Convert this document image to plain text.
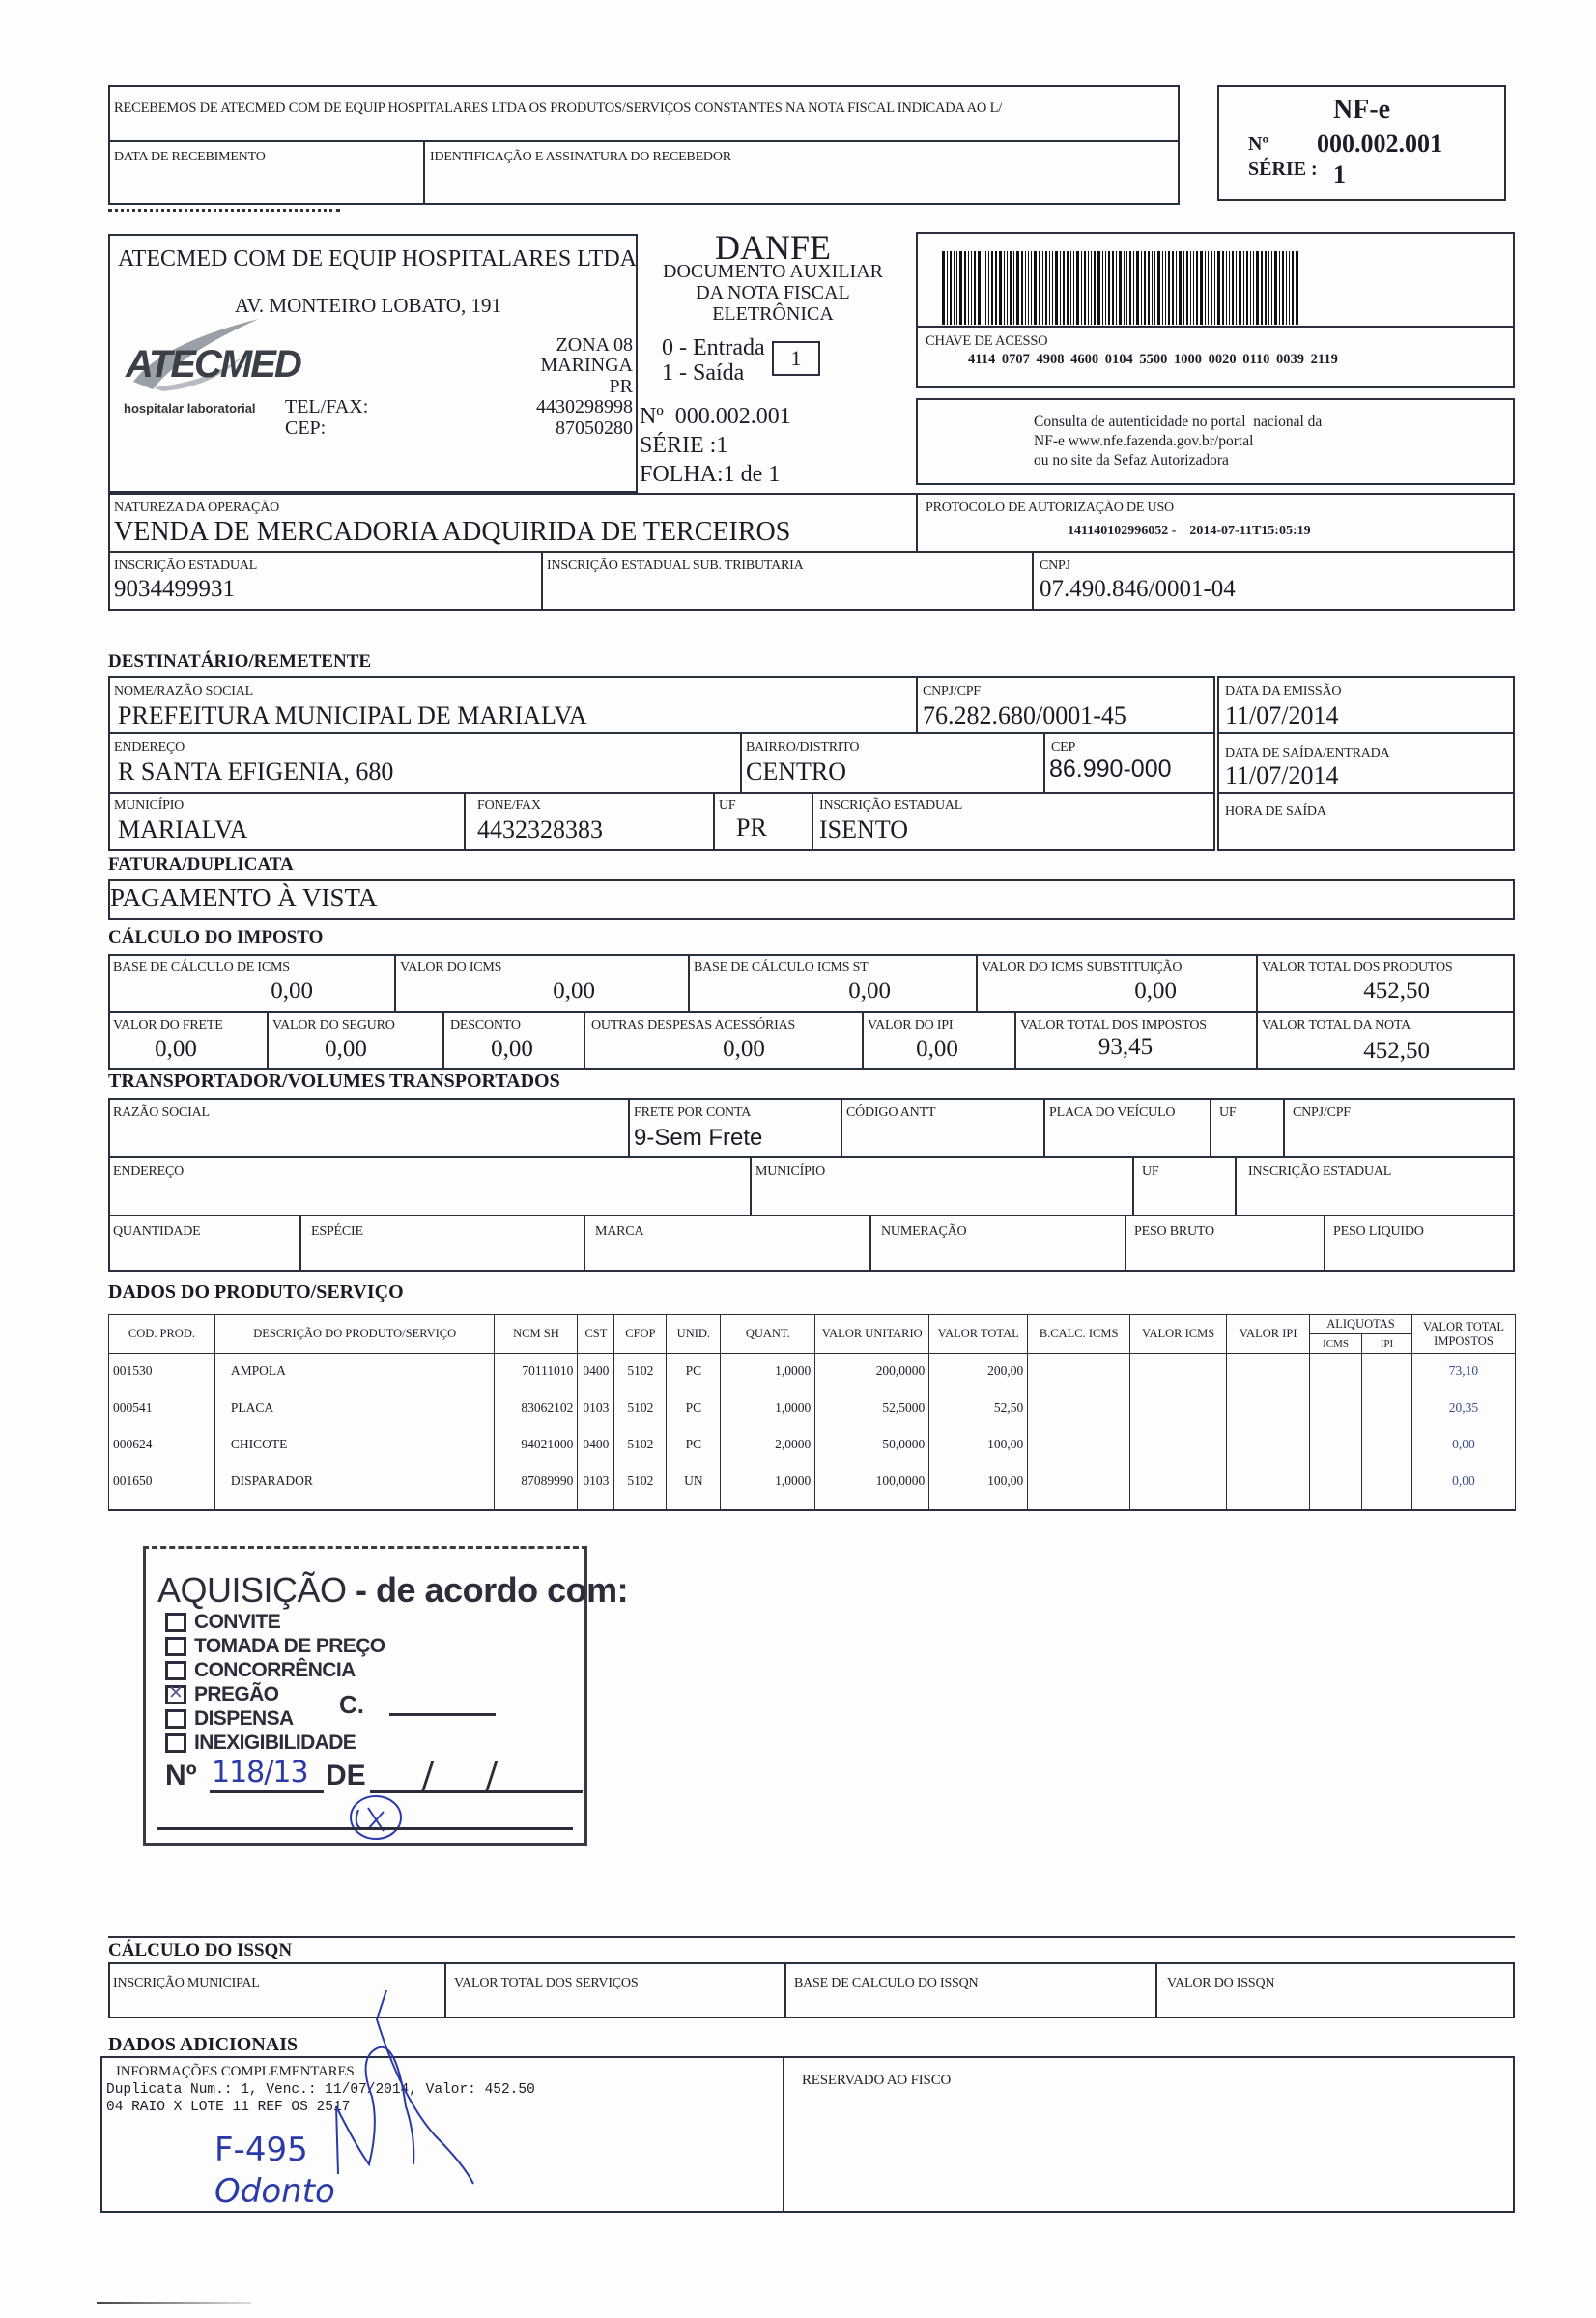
RECEBEMOS DE ATECMED COM DE EQUIP HOSPITALARES LTDA OS PRODUTOS/SERVIÇOS CONSTANTES NA NOTA FISCAL INDICADA AO L/
DATA DE RECEBIMENTO	IDENTIFICAÇÃO E ASSINATURA DO RECEBEDOR
NF-e
Nº 000.002.001
SÉRIE : 1
ATECMED COM DE EQUIP HOSPITALARES LTDA
AV. MONTEIRO LOBATO, 191
ZONA 08
MARINGA
PR
TEL/FAX:	4430298998
CEP:	87050280
ATECMED
hospitalar laboratorial
DANFE
DOCUMENTO AUXILIAR
DA NOTA FISCAL
ELETRÔNICA
0 - Entrada
1 - Saída
1
Nº  000.002.001
SÉRIE :1
FOLHA:1 de 1
CHAVE DE ACESSO
4114 0707 4908 4600 0104 5500 1000 0020 0110 0039 2119
Consulta de autenticidade no portal  nacional da
NF-e www.nfe.fazenda.gov.br/portal
ou no site da Sefaz Autorizadora
NATUREZA DA OPERAÇÃO
VENDA DE MERCADORIA ADQUIRIDA DE TERCEIROS
PROTOCOLO DE AUTORIZAÇÃO DE USO
141140102996052 -    2014-07-11T15:05:19
INSCRIÇÃO ESTADUAL
9034499931
INSCRIÇÃO ESTADUAL SUB. TRIBUTARIA	CNPJ
07.490.846/0001-04
DESTINATÁRIO/REMETENTE
NOME/RAZÃO SOCIAL
PREFEITURA MUNICIPAL DE MARIALVA
CNPJ/CPF
76.282.680/0001-45
DATA DA EMISSÃO
11/07/2014
ENDEREÇO
R SANTA EFIGENIA, 680
BAIRRO/DISTRITO
CENTRO
CEP
86.990-000
DATA DE SAÍDA/ENTRADA
11/07/2014
MUNICÍPIO
MARIALVA
FONE/FAX
4432328383
UF
PR
INSCRIÇÃO ESTADUAL
ISENTO
HORA DE SAÍDA
FATURA/DUPLICATA
PAGAMENTO À VISTA
CÁLCULO DO IMPOSTO
BASE DE CÁLCULO DE ICMS
0,00
VALOR DO ICMS
0,00
BASE DE CÁLCULO ICMS ST
0,00
VALOR DO ICMS SUBSTITUIÇÃO
0,00
VALOR TOTAL DOS PRODUTOS
452,50
VALOR DO FRETE
0,00
VALOR DO SEGURO
0,00
DESCONTO
0,00
OUTRAS DESPESAS ACESSÓRIAS
0,00
VALOR DO IPI
0,00
VALOR TOTAL DOS IMPOSTOS
93,45
VALOR TOTAL DA NOTA
452,50
TRANSPORTADOR/VOLUMES TRANSPORTADOS
RAZÃO SOCIAL	FRETE POR CONTA
9-Sem Frete
CÓDIGO ANTT	PLACA DO VEÍCULO	UF	CNPJ/CPF
ENDEREÇO	MUNICÍPIO	UF	INSCRIÇÃO ESTADUAL
QUANTIDADE	ESPÉCIE	MARCA	NUMERAÇÃO	PESO BRUTO	PESO LIQUIDO
DADOS DO PRODUTO/SERVIÇO
COD. PROD.	DESCRIÇÃO DO PRODUTO/SERVIÇO	NCM SH	CST	CFOP	UNID.	QUANT.	VALOR UNITARIO	VALOR TOTAL	B.CALC. ICMS	VALOR ICMS	VALOR IPI	ALIQUOTAS		VALOR TOTAL IMPOSTOS
												ICMS	IPI	
001530	AMPOLA	70111010	0400	5102	PC	1,0000	200,0000	200,00						73,10
000541	PLACA	83062102	0103	5102	PC	1,0000	52,5000	52,50						20,35
000624	CHICOTE	94021000	0400	5102	PC	2,0000	50,0000	100,00						0,00
001650	DISPARADOR	87089990	0103	5102	UN	1,0000	100,0000	100,00						0,00
AQUISIÇÃO - de acordo com:
CONVITE
TOMADA DE PREÇO
CONCORRÊNCIA
✕
PREGÃO
DISPENSA
INEXIGIBILIDADE
C.
Nº 118/13 DE
CÁLCULO DO ISSQN
INSCRIÇÃO MUNICIPAL	VALOR TOTAL DOS SERVIÇOS	BASE DE CALCULO DO ISSQN	VALOR DO ISSQN
DADOS ADICIONAIS
INFORMAÇÕES COMPLEMENTARES
Duplicata Num.: 1, Venc.: 11/07/2014, Valor: 452.50
04 RAIO X LOTE 11 REF OS 2517
F-495
Odonto
RESERVADO AO FISCO
